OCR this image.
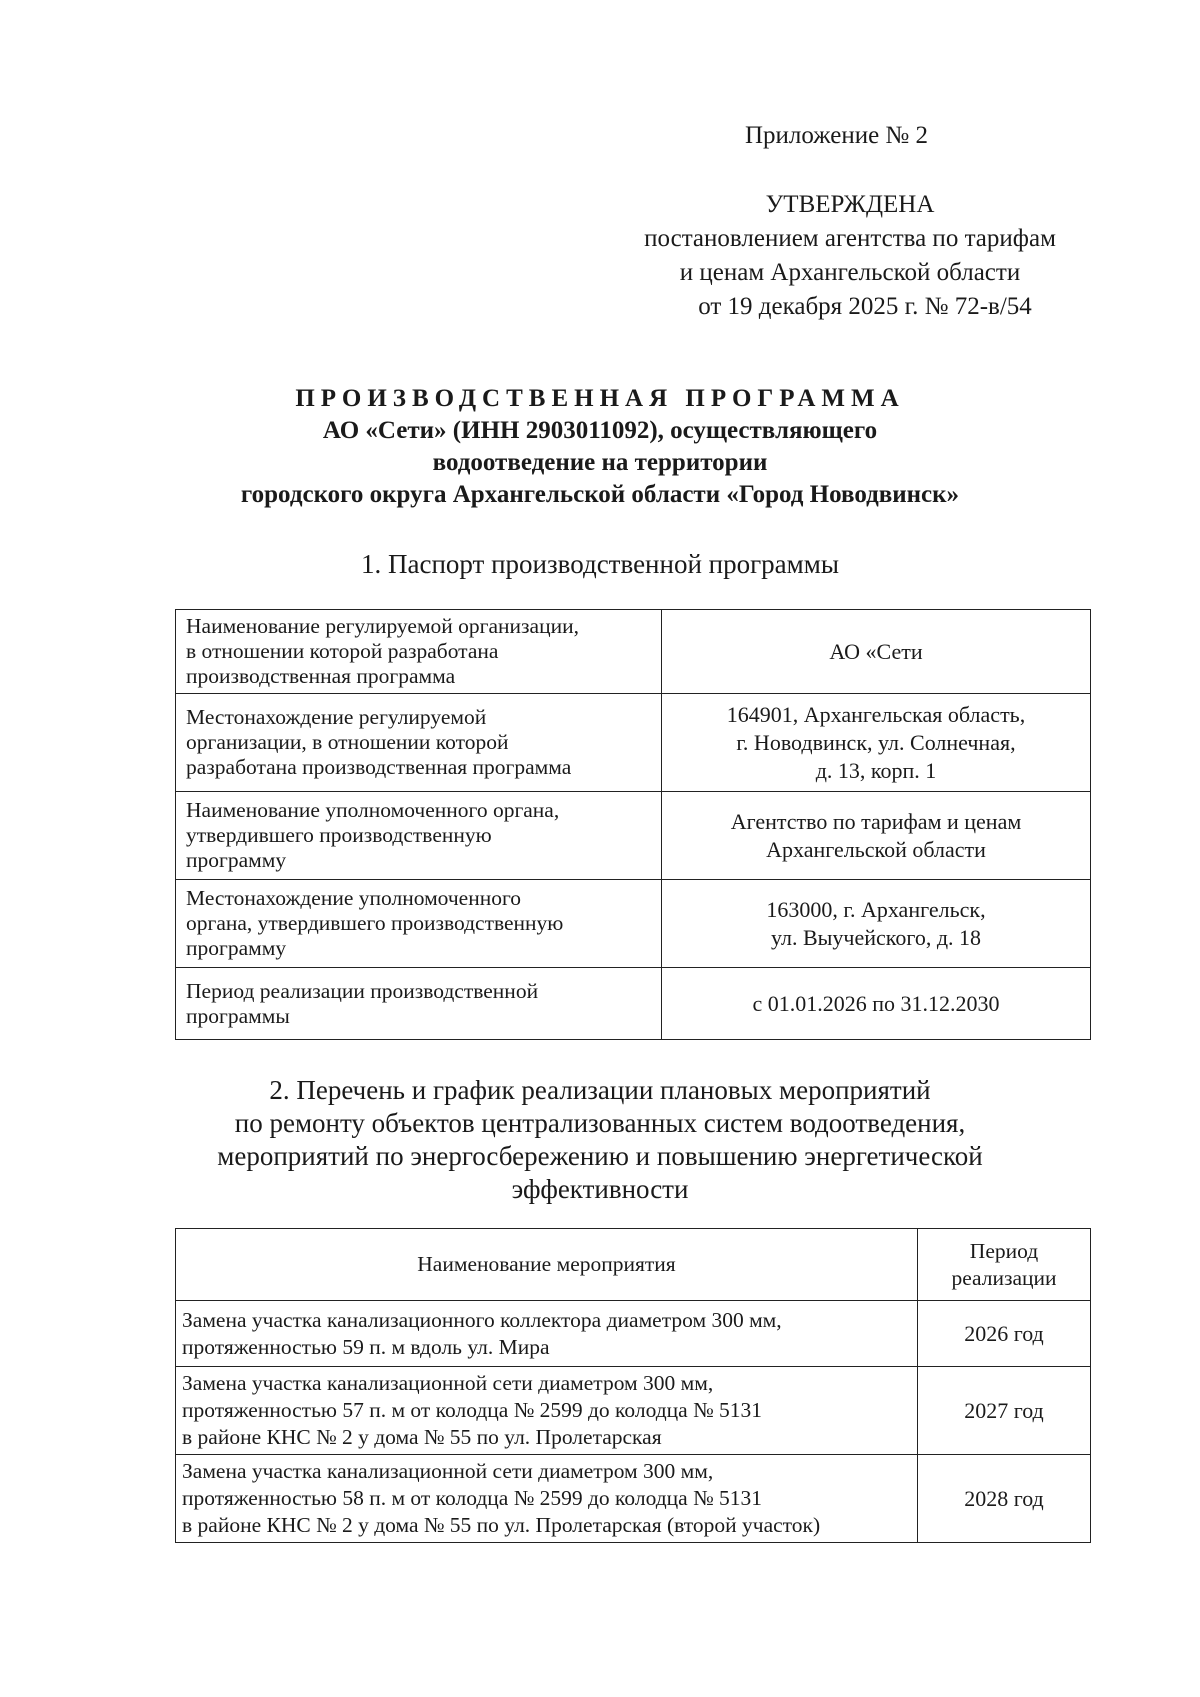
Приложение № 2
УТВЕРЖДЕНА
постановлением агентства по тарифам
и ценам Архангельской области
от 19 декабря 2025 г. № 72-в/54
ПРОИЗВОДСТВЕННАЯ ПРОГРАММА
АО «Сети» (ИНН 2903011092), осуществляющего
водоотведение на территории
городского округа Архангельской области «Город Новодвинск»
1. Паспорт производственной программы
Наименование регулируемой организации,
в отношении которой разработана
производственная программа	АО «Сети

Местонахождение регулируемой
организации, в отношении которой
разработана производственная программа	164901, Архангельская область,
г. Новодвинск, ул. Солнечная,
д. 13, корп. 1

Наименование уполномоченного органа,
утвердившего производственную
программу	Агентство по тарифам и ценам
Архангельской области

Местонахождение уполномоченного
органа, утвердившего производственную
программу	163000, г. Архангельск,
ул. Выучейского, д. 18

Период реализации производственной
программы	с 01.01.2026 по 31.12.2030
2. Перечень и график реализации плановых мероприятий
по ремонту объектов централизованных систем водоотведения,
мероприятий по энергосбережению и повышению энергетической
эффективности
Наименование мероприятия	Период
реализации

Замена участка канализационного коллектора диаметром 300 мм,
протяженностью 59 п. м вдоль ул. Мира	2026 год

Замена участка канализационной сети диаметром 300 мм,
протяженностью 57 п. м от колодца № 2599 до колодца № 5131
в районе КНС № 2 у дома № 55 по ул. Пролетарская	2027 год

Замена участка канализационной сети диаметром 300 мм,
протяженностью 58 п. м от колодца № 2599 до колодца № 5131
в районе КНС № 2 у дома № 55 по ул. Пролетарская (второй участок)	2028 год
